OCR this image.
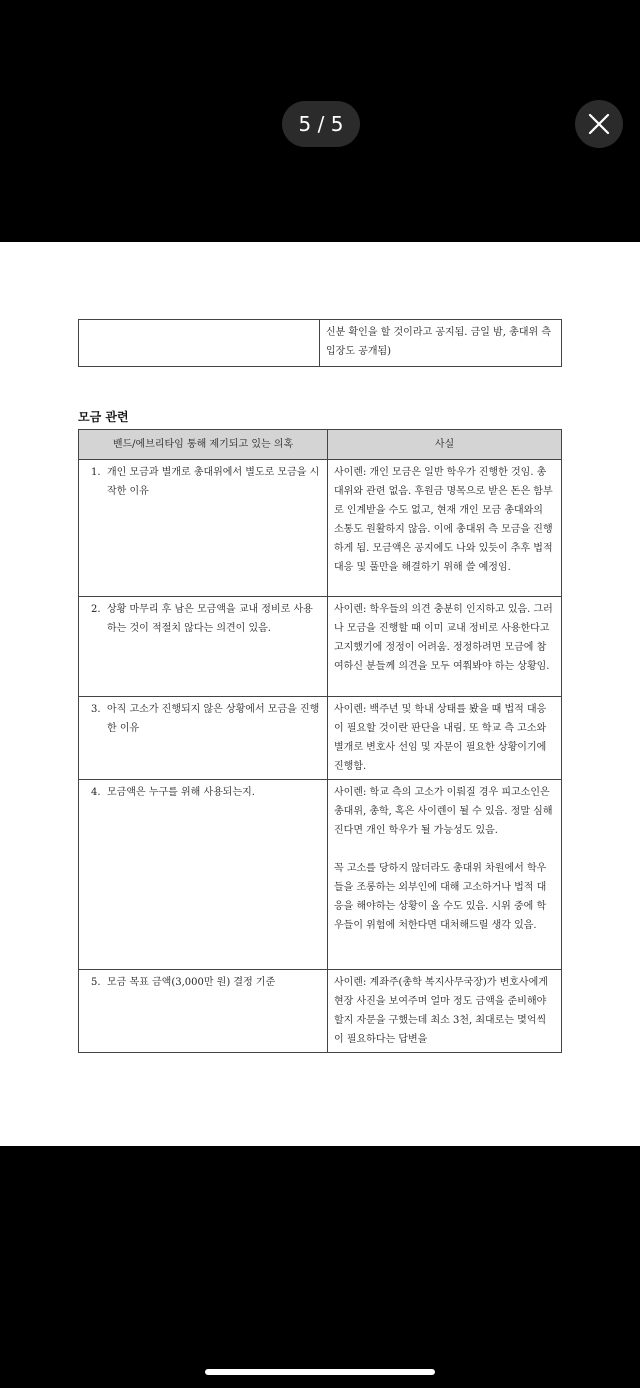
5 / 5
	신분 확인을 할 것이라고 공지됨. 금일 밤, 총대위 측 입장도 공개됨)
모금 관련
밴드/에브리타임 통해 제기되고 있는 의혹	사실
1. 개인 모금과 별개로 총대위에서 별도로 모금을 시작한 이유	사이렌: 개인 모금은 일반 학우가 진행한 것임. 총대위와 관련 없음. 후원금 명목으로 받은 돈은 함부로 인계받을 수도 없고, 현재 개인 모금 총대와의 소통도 원활하지 않음. 이에 총대위 측 모금을 진행하게 됨. 모금액은 공지에도 나와 있듯이 추후 법적 대응 및 풀만을 해결하기 위해 쓸 예정임.
2. 상황 마무리 후 남은 모금액을 교내 정비로 사용하는 것이 적절치 않다는 의견이 있음.	사이렌: 학우들의 의견 충분히 인지하고 있음. 그러나 모금을 진행할 때 이미 교내 정비로 사용한다고 고지했기에 정정이 어려움. 정정하려면 모금에 참여하신 분들께 의견을 모두 여쭤봐야 하는 상황임.
3. 아직 고소가 진행되지 않은 상황에서 모금을 진행한 이유	사이렌: 백주년 및 학내 상태를 봤을 때 법적 대응이 필요할 것이란 판단을 내림. 또 학교 측 고소와 별개로 변호사 선임 및 자문이 필요한 상황이기에 진행함.
4. 모금액은 누구를 위해 사용되는지.	사이렌: 학교 측의 고소가 이뤄질 경우 피고소인은 총대위, 총학, 혹은 사이렌이 될 수 있음. 정말 심해진다면 개인 학우가 될 가능성도 있음.
꼭 고소를 당하지 않더라도 총대위 차원에서 학우들을 조롱하는 외부인에 대해 고소하거나 법적 대응을 해야하는 상황이 올 수도 있음. 시위 중에 학우들이 위험에 처한다면 대처해드릴 생각 있음.

5. 모금 목표 금액(3,000만 원) 결정 기준	사이렌: 계좌주(총학 복지사무국장)가 변호사에게 현장 사진을 보여주며 얼마 정도 금액을 준비해야 할지 자문을 구했는데 최소 3천, 최대로는 몇억씩이 필요하다는 답변을
